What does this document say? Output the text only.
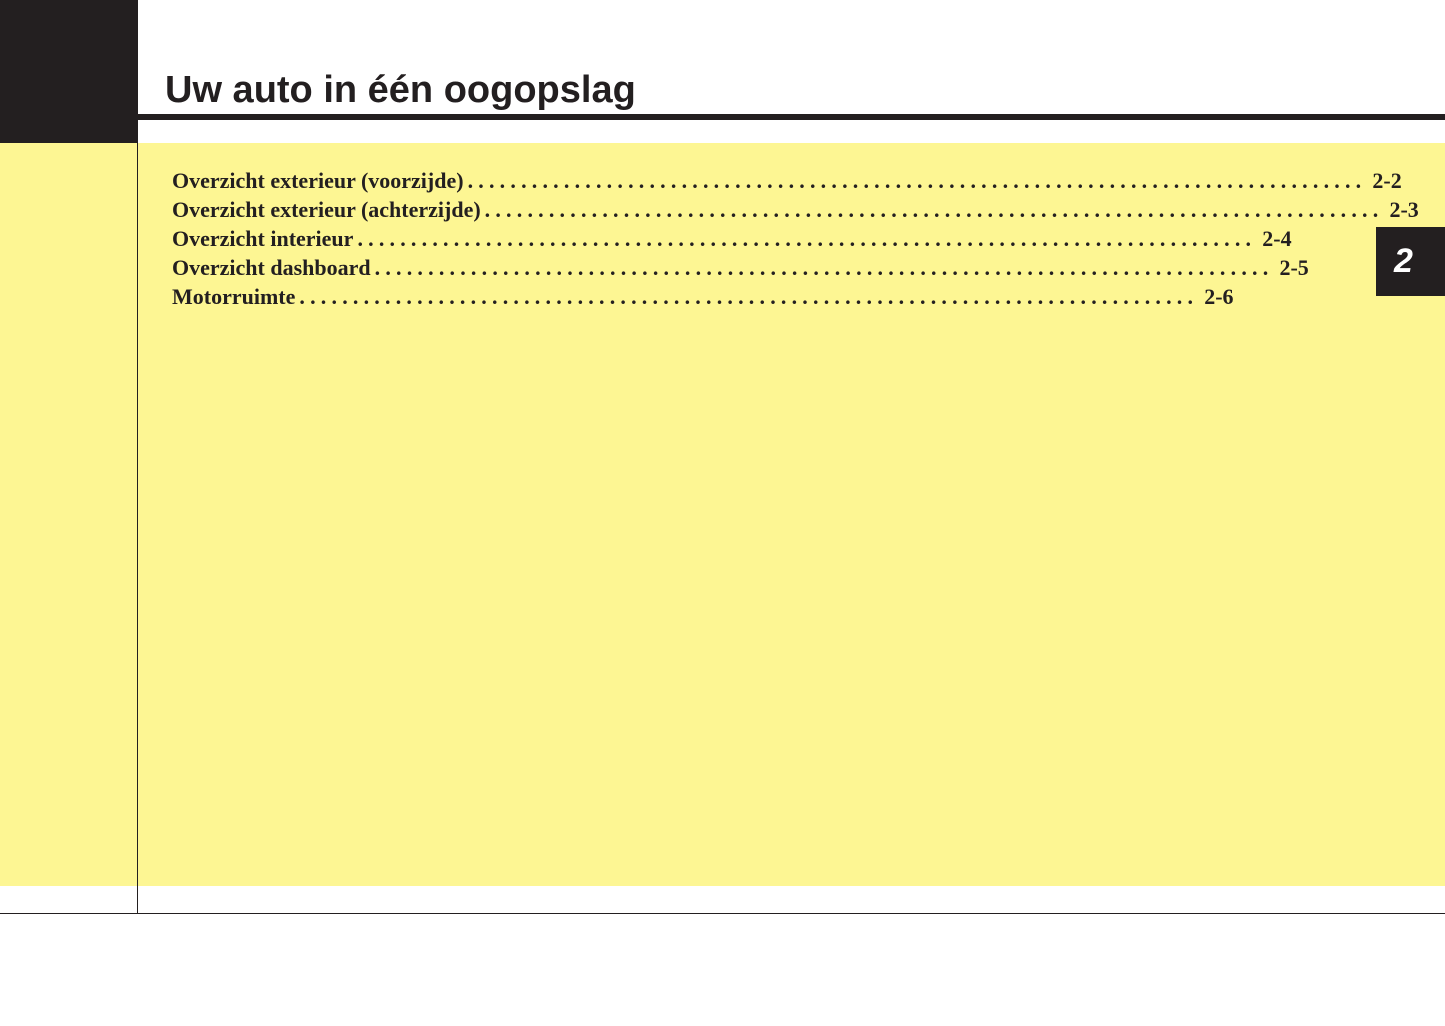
Uw auto in één oogopslag
Overzicht exterieur (voorzijde) .................................................................................... 2-2
Overzicht exterieur (achterzijde) .................................................................................... 2-3
Overzicht interieur .................................................................................... 2-4
Overzicht dashboard .................................................................................... 2-5
Motorruimte .................................................................................... 2-6
2
